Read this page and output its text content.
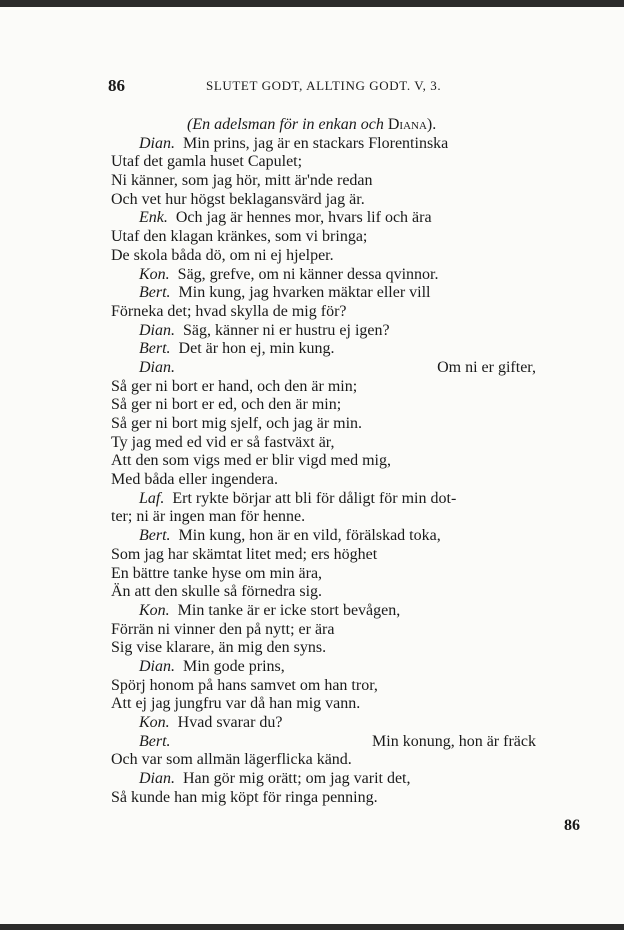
86	SLUTET GODT, ALLTING GODT. V, 3.
(En adelsman för in enkan och Diana).
Dian. Min prins, jag är en stackars Florentinska
Utaf det gamla huset Capulet;
Ni känner, som jag hör, mitt är'nde redan
Och vet hur högst beklagansvärd jag är.
Enk. Och jag är hennes mor, hvars lif och ära
Utaf den klagan kränkes, som vi bringa;
De skola båda dö, om ni ej hjelper.
Kon. Säg, grefve, om ni känner dessa qvinnor.
Bert. Min kung, jag hvarken mäktar eller vill
Förneka det; hvad skylla de mig för?
Dian. Säg, känner ni er hustru ej igen?
Bert. Det är hon ej, min kung.
Dian.	Om ni er gifter,
Så ger ni bort er hand, och den är min;
Så ger ni bort er ed, och den är min;
Så ger ni bort mig sjelf, och jag är min.
Ty jag med ed vid er så fastväxt är,
Att den som vigs med er blir vigd med mig,
Med båda eller ingendera.
Laf. Ert rykte börjar att bli för dåligt för min dot-
ter; ni är ingen man för henne.
Bert. Min kung, hon är en vild, förälskad toka,
Som jag har skämtat litet med; ers höghet
En bättre tanke hyse om min ära,
Än att den skulle så förnedra sig.
Kon. Min tanke är er icke stort bevågen,
Förrän ni vinner den på nytt; er ära
Sig vise klarare, än mig den syns.
Dian. Min gode prins,
Spörj honom på hans samvet om han tror,
Att ej jag jungfru var då han mig vann.
Kon. Hvad svarar du?
Bert.	Min konung, hon är fräck
Och var som allmän lägerflicka känd.
Dian. Han gör mig orätt; om jag varit det,
Så kunde han mig köpt för ringa penning.
86
